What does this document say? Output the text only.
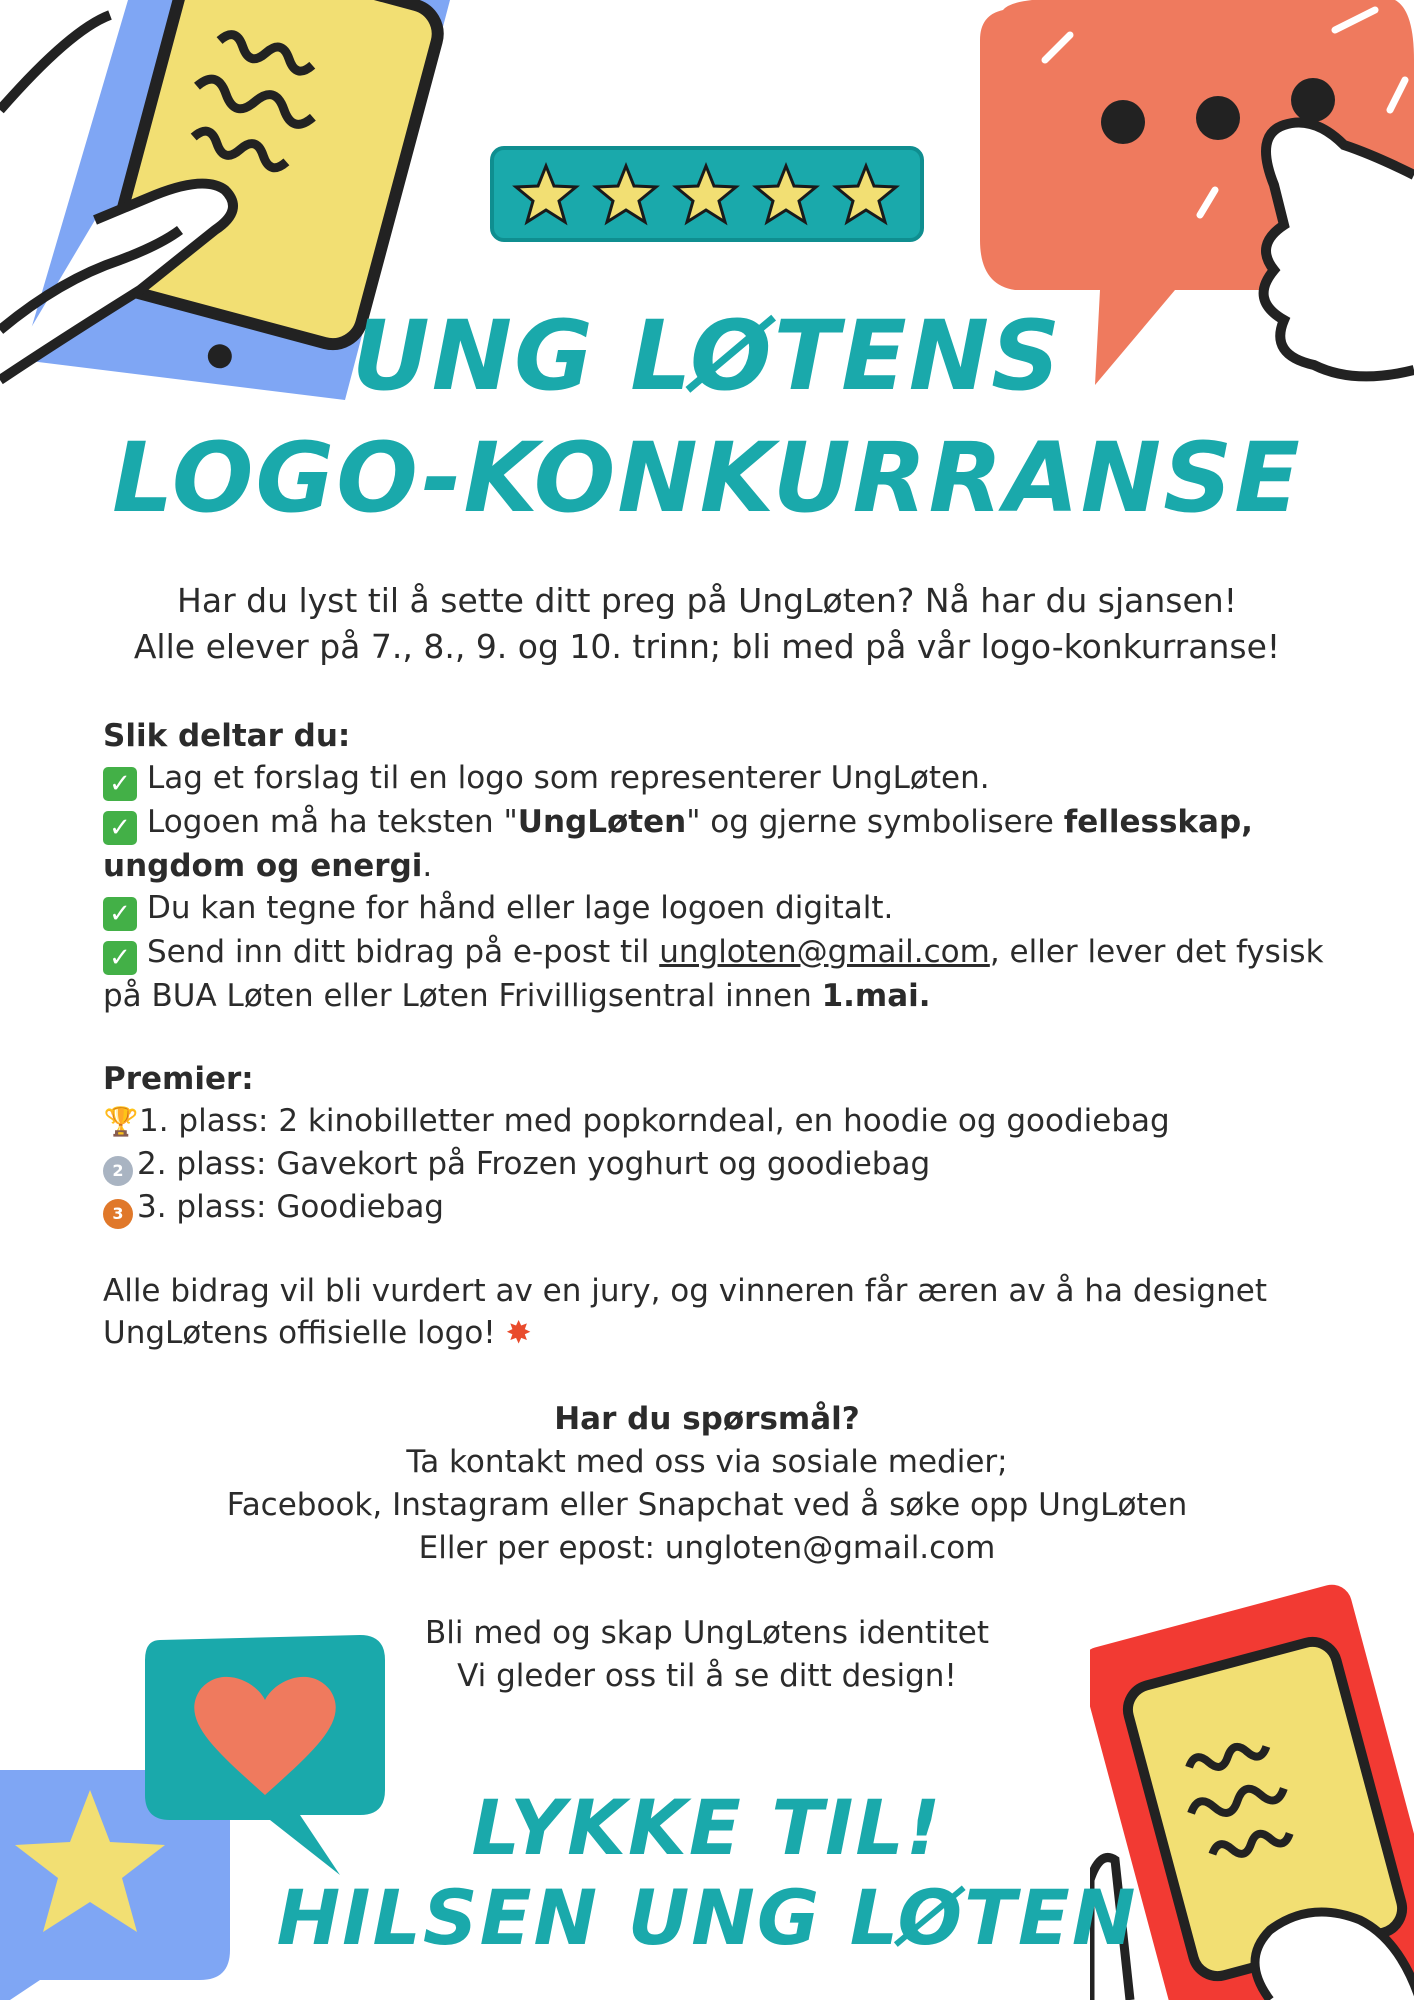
UNG LØTENS
LOGO-KONKURRANSE

Har du lyst til å sette ditt preg på UngLøten? Nå har du sjansen!

Alle elever på 7., 8., 9. og 10. trinn; bli med på vår logo-konkurranse!

Slik deltar du:

✓ Lag et forslag til en logo som representerer UngLøten.

✓ Logoen må ha teksten "UngLøten" og gjerne symbolisere fellesskap, ungdom og energi.

✓ Du kan tegne for hånd eller lage logoen digitalt.

✓ Send inn ditt bidrag på e-post til ungloten@gmail.com, eller lever det fysisk på BUA Løten eller Løten Frivilligsentral innen 1.mai.

Premier:

🏆1. plass: 2 kinobilletter med popkorndeal, en hoodie og goodiebag

2 2. plass: Gavekort på Frozen yoghurt og goodiebag

3 3. plass: Goodiebag

Alle bidrag vil bli vurdert av en jury, og vinneren får æren av å ha designet UngLøtens offisielle logo! ✸

Har du spørsmål?

Ta kontakt med oss via sosiale medier;

Facebook, Instagram eller Snapchat ved å søke opp UngLøten

Eller per epost: ungloten@gmail.com

Bli med og skap UngLøtens identitet

Vi gleder oss til å se ditt design!

LYKKE TIL!
HILSEN UNG LØTEN
